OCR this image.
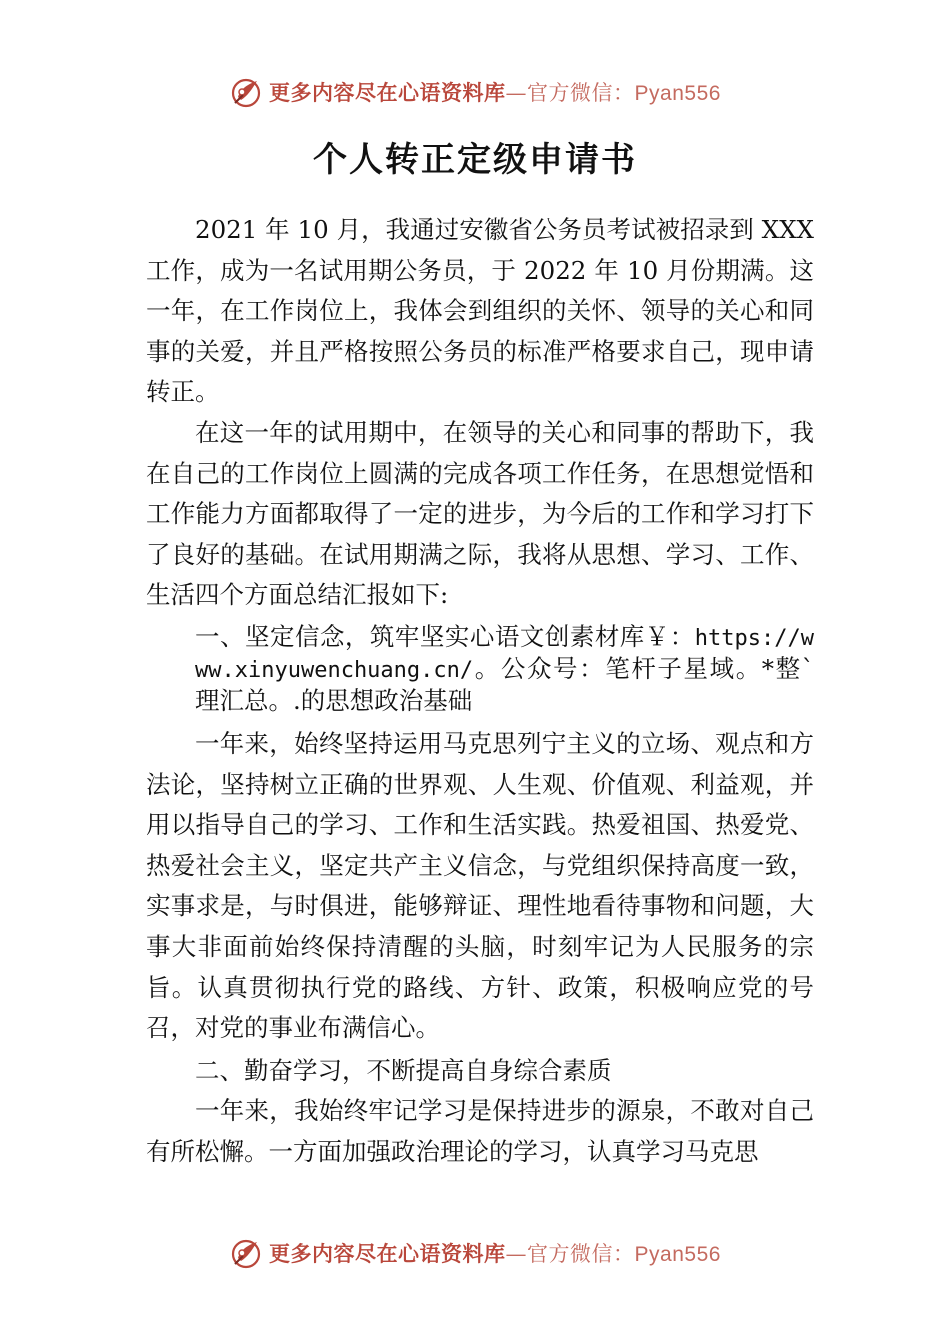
更多内容尽在心语资料库—官方微信：Pyan556
个人转正定级申请书

2021 年 10 月，我通过安徽省公务员考试被招录到 XXX 工作，成为一名试用期公务员，于 2022 年 10 月份期满。这一年，在工作岗位上，我体会到组织的关怀、领导的关心和同事的关爱，并且严格按照公务员的标准严格要求自己，现申请转正。

在这一年的试用期中，在领导的关心和同事的帮助下，我在自己的工作岗位上圆满的完成各项工作任务，在思想觉悟和工作能力方面都取得了一定的进步，为今后的工作和学习打下了良好的基础。在试用期满之际，我将从思想、学习、工作、生活四个方面总结汇报如下:

一、坚定信念，筑牢坚实心语文创素材库￥：https://www.xinyuwenchuang.cn/。公众号：笔杆子星域。*整`理汇总。.的思想政治基础

一年来，始终坚持运用马克思列宁主义的立场、观点和方法论，坚持树立正确的世界观、人生观、价值观、利益观，并用以指导自己的学习、工作和生活实践。热爱祖国、热爱党、热爱社会主义，坚定共产主义信念，与党组织保持高度一致，实事求是，与时俱进，能够辩证、理性地看待事物和问题，大事大非面前始终保持清醒的头脑，时刻牢记为人民服务的宗旨。认真贯彻执行党的路线、方针、政策，积极响应党的号召，对党的事业布满信心。

二、勤奋学习，不断提高自身综合素质

一年来，我始终牢记学习是保持进步的源泉，不敢对自己有所松懈。一方面加强政治理论的学习，认真学习马克思

更多内容尽在心语资料库—官方微信：Pyan556
